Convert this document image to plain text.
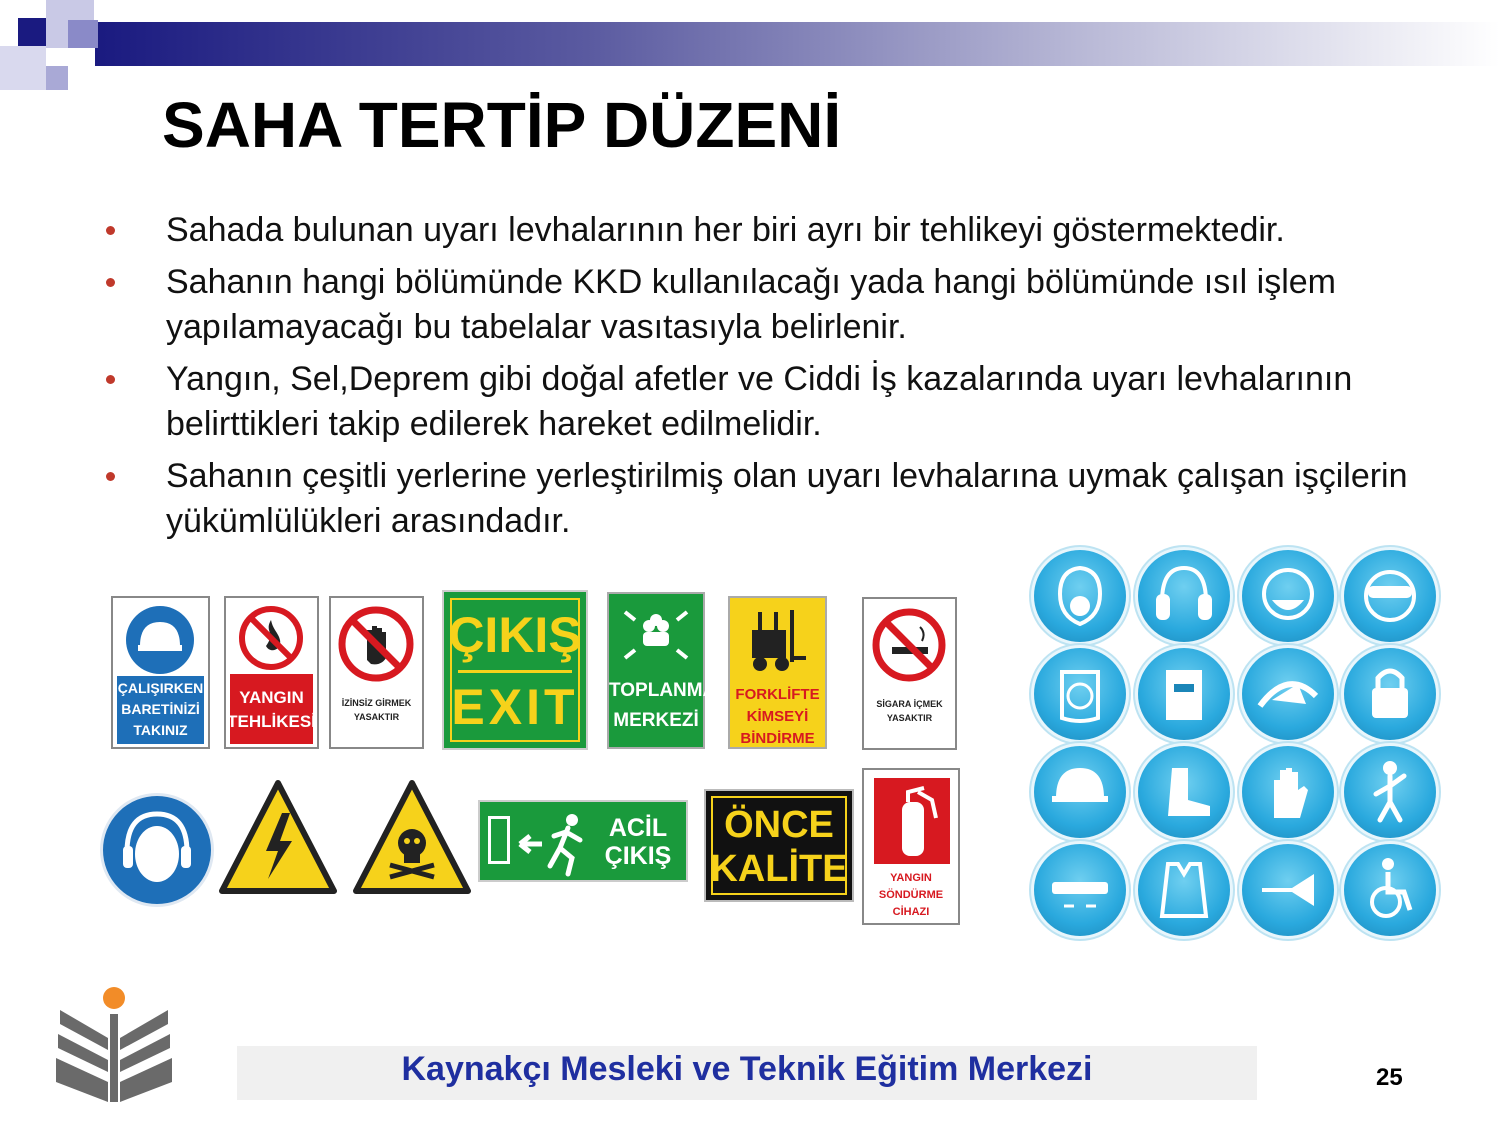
SAHA TERTİP DÜZENİ
Sahada bulunan uyarı levhalarının her biri ayrı bir tehlikeyi göstermektedir.
Sahanın hangi bölümünde KKD kullanılacağı yada hangi bölümünde ısıl işlem yapılamayacağı bu tabelalar vasıtasıyla belirlenir.
Yangın, Sel,Deprem gibi doğal afetler ve Ciddi İş kazalarında uyarı levhalarının belirttikleri takip edilerek hareket edilmelidir.
Sahanın çeşitli yerlerine yerleştirilmiş olan uyarı levhalarına uymak çalışan işçilerin yükümlülükleri arasındadır.
ÇALIŞIRKEN
BARETİNİZİ
TAKINIZ
YANGIN
TEHLİKESİ
İZİNSİZ GİRMEK
YASAKTIR
ÇIKIŞ
EXIT	TOPLANMA
MERKEZİ
FORKLİFTE
KİMSEYİ
BİNDİRME
SİGARA İÇMEK
YASAKTIR
ACİL
ÇIKIŞ
ÖNCE
KALİTE	YANGIN
SÖNDÜRME
CİHAZI
Kaynakçı Mesleki ve Teknik Eğitim Merkezi	25
